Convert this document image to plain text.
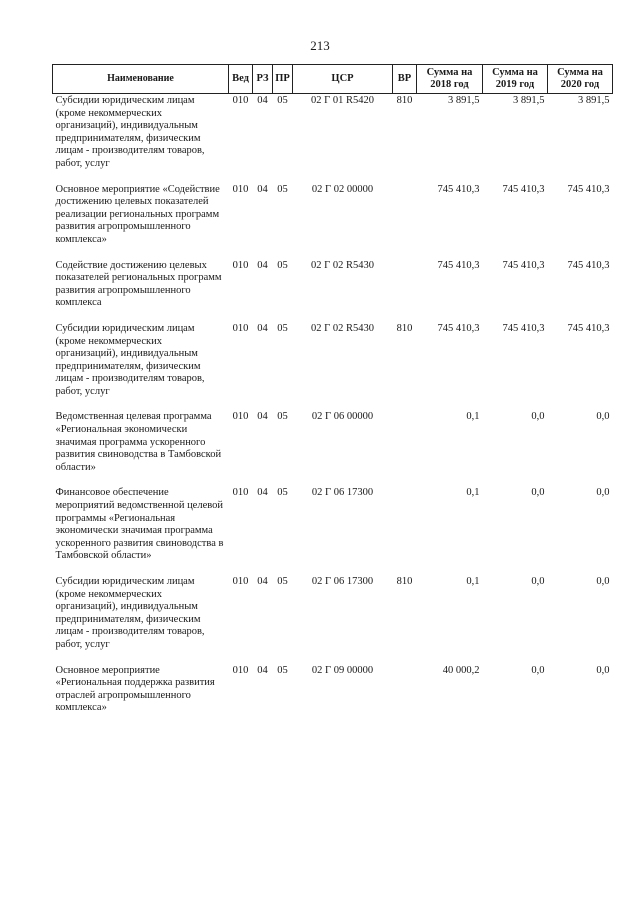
213
Наименование	Вед	РЗ	ПР	ЦСР	ВР	Сумма на 2018 год	Сумма на 2019 год	Сумма на 2020 год
Субсидии юридическим лицам (кроме некоммерческих организаций), индивидуальным предпринимателям, физическим лицам - производителям товаров, работ, услуг	010	04	05	02 Г 01 R5420	810	3 891,5	3 891,5	3 891,5
Основное мероприятие «Содействие достижению целевых показателей реализации региональных программ развития агропромышленного комплекса»	010	04	05	02 Г 02 00000		745 410,3	745 410,3	745 410,3
Содействие достижению целевых показателей региональных программ развития агропромышленного комплекса	010	04	05	02 Г 02 R5430		745 410,3	745 410,3	745 410,3
Субсидии юридическим лицам (кроме некоммерческих организаций), индивидуальным предпринимателям, физическим лицам - производителям товаров, работ, услуг	010	04	05	02 Г 02 R5430	810	745 410,3	745 410,3	745 410,3
Ведомственная целевая программа «Региональная экономически значимая программа ускоренного развития свиноводства в Тамбовской области»	010	04	05	02 Г 06 00000		0,1	0,0	0,0
Финансовое обеспечение мероприятий ведомственной целевой программы «Региональная экономически значимая программа ускоренного развития свиноводства в Тамбовской области»	010	04	05	02 Г 06 17300		0,1	0,0	0,0
Субсидии юридическим лицам (кроме некоммерческих организаций), индивидуальным предпринимателям, физическим лицам - производителям товаров, работ, услуг	010	04	05	02 Г 06 17300	810	0,1	0,0	0,0
Основное мероприятие «Региональная поддержка развития отраслей агропромышленного комплекса»	010	04	05	02 Г 09 00000		40 000,2	0,0	0,0
